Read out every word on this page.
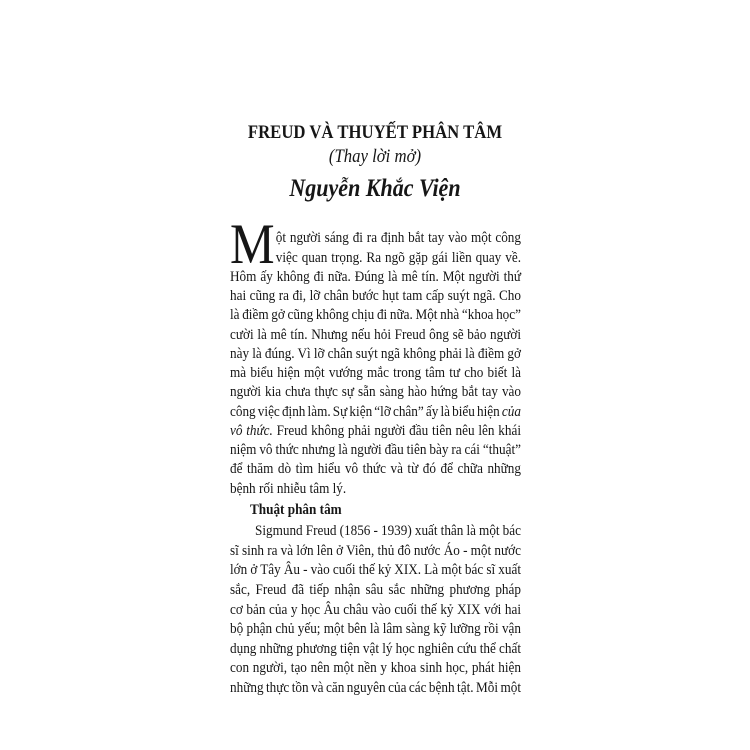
FREUD VÀ THUYẾT PHÂN TÂM
(Thay lời mở)
Nguyễn Khắc Viện
M ột người sáng đi ra định bắt tay vào một công
việc quan trọng. Ra ngõ gặp gái liền quay về.
Hôm ấy không đi nữa. Đúng là mê tín. Một người thứ
hai cũng ra đi, lỡ chân bước hụt tam cấp suýt ngã. Cho
là điềm gở cũng không chịu đi nữa. Một nhà “khoa học”
cười là mê tín. Nhưng nếu hỏi Freud ông sẽ bảo người
này là đúng. Vì lỡ chân suýt ngã không phải là điềm gở
mà biểu hiện một vướng mắc trong tâm tư cho biết là
người kia chưa thực sự sẵn sàng hào hứng bắt tay vào
công việc định làm. Sự kiện “lỡ chân” ấy là biểu hiện của
vô thức. Freud không phải người đầu tiên nêu lên khái
niệm vô thức nhưng là người đầu tiên bày ra cái “thuật”
để thăm dò tìm hiểu vô thức và từ đó để chữa những
bệnh rối nhiễu tâm lý.
Thuật phân tâm
Sigmund Freud (1856 - 1939) xuất thân là một bác
sĩ sinh ra và lớn lên ở Viên, thủ đô nước Áo - một nước
lớn ở Tây Âu - vào cuối thế kỷ XIX. Là một bác sĩ xuất
sắc, Freud đã tiếp nhận sâu sắc những phương pháp
cơ bản của y học Âu châu vào cuối thế kỷ XIX với hai
bộ phận chủ yếu; một bên là lâm sàng kỹ lưỡng rồi vận
dụng những phương tiện vật lý học nghiên cứu thể chất
con người, tạo nên một nền y khoa sinh học, phát hiện
những thực tồn và căn nguyên của các bệnh tật. Mỗi một
